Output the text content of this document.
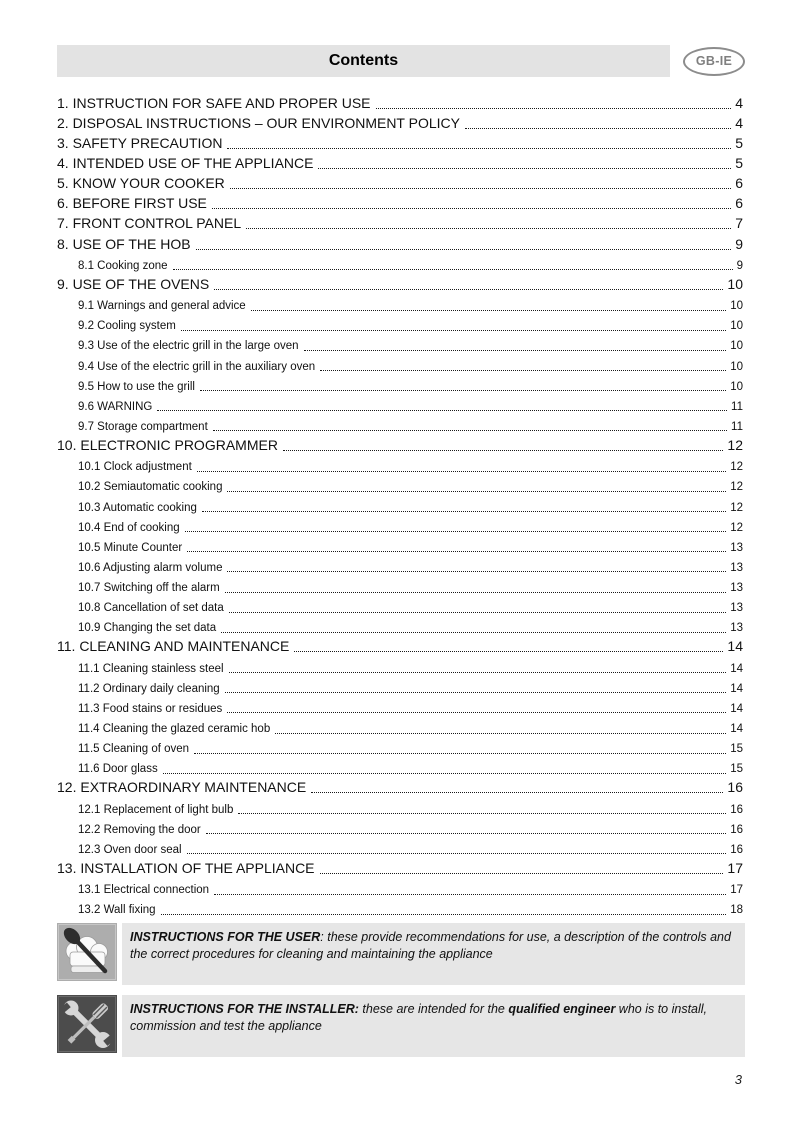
Contents	GB-IE
1. INSTRUCTION FOR SAFE AND PROPER USE	4
2. DISPOSAL INSTRUCTIONS – OUR ENVIRONMENT POLICY	4
3. SAFETY PRECAUTION	5
4. INTENDED USE OF THE APPLIANCE	5
5. KNOW YOUR COOKER	6
6. BEFORE FIRST USE	6
7. FRONT CONTROL PANEL	7
8. USE OF THE HOB	9
8.1 Cooking zone	9
9. USE OF THE OVENS	10
9.1 Warnings and general advice	10
9.2 Cooling system	10
9.3 Use of the electric grill in the large oven	10
9.4 Use of the electric grill in the auxiliary oven	10
9.5 How to use the grill	10
9.6 WARNING	11
9.7 Storage compartment	11
10. ELECTRONIC PROGRAMMER	12
10.1 Clock adjustment	12
10.2 Semiautomatic cooking	12
10.3 Automatic cooking	12
10.4 End of cooking	12
10.5 Minute Counter	13
10.6 Adjusting alarm volume	13
10.7 Switching off the alarm	13
10.8 Cancellation of set data	13
10.9 Changing the set data	13
11. CLEANING AND MAINTENANCE	14
11.1 Cleaning stainless steel	14
11.2 Ordinary daily cleaning	14
11.3 Food stains or residues	14
11.4 Cleaning the glazed ceramic hob	14
11.5 Cleaning of oven	15
11.6 Door glass	15
12. EXTRAORDINARY MAINTENANCE	16
12.1 Replacement of light bulb	16
12.2 Removing the door	16
12.3 Oven door seal	16
13. INSTALLATION OF THE APPLIANCE	17
13.1 Electrical connection	17
13.2 Wall fixing	18
INSTRUCTIONS FOR THE USER: these provide recommendations for use, a description of the controls and the correct procedures for cleaning and maintaining the appliance
INSTRUCTIONS FOR THE INSTALLER: these are intended for the qualified engineer who is to install, commission and test the appliance
3
